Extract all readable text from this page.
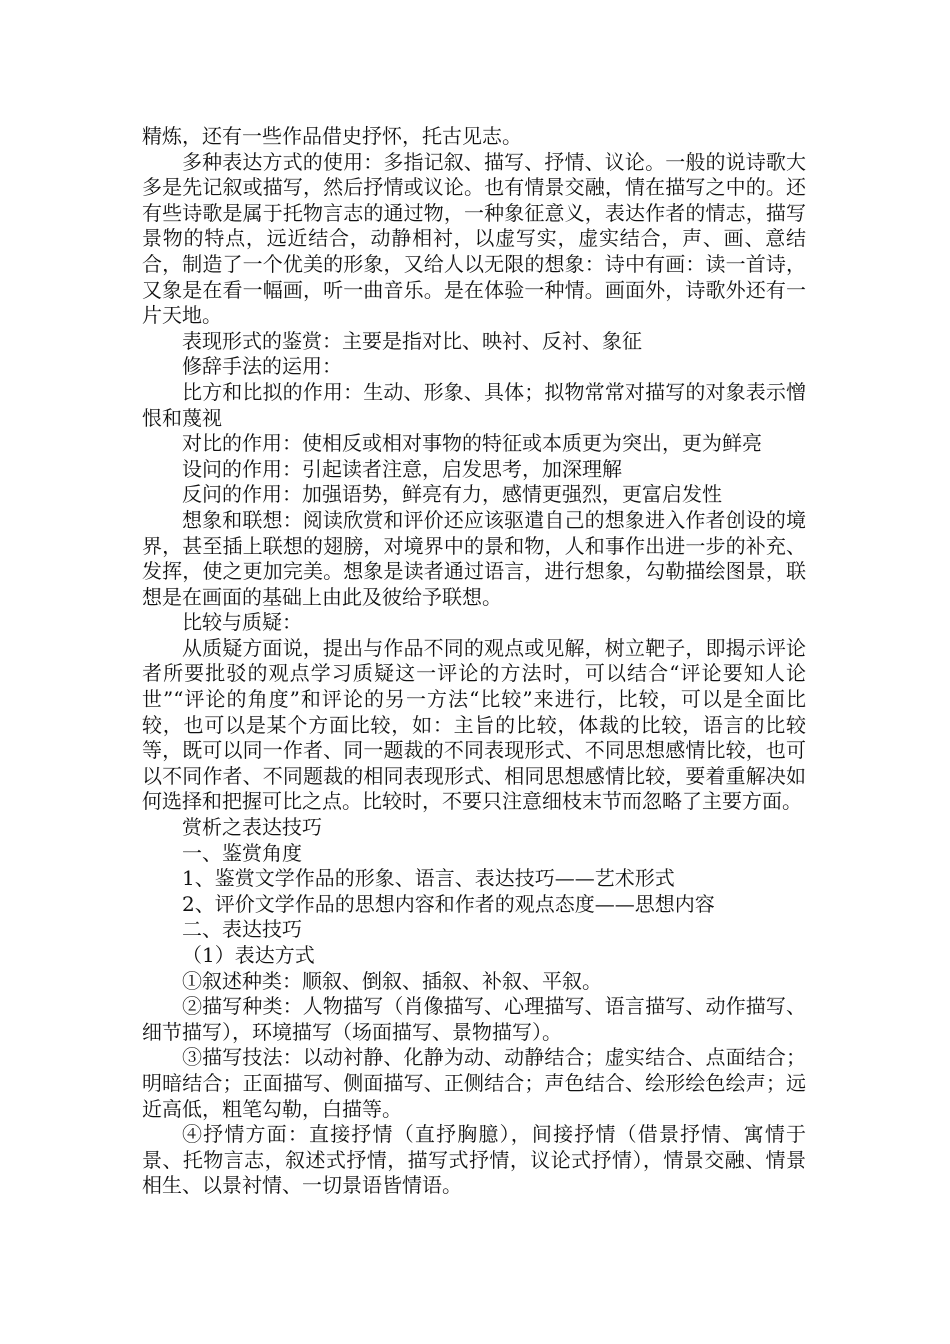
精炼，还有一些作品借史抒怀，托古见志。

多种表达方式的使用：多指记叙、描写、抒情、议论。一般的说诗歌大多是先记叙或描写，然后抒情或议论。也有情景交融，情在描写之中的。还有些诗歌是属于托物言志的通过物，一种象征意义，表达作者的情志，描写景物的特点，远近结合，动静相衬，以虚写实，虚实结合，声、画、意结合，制造了一个优美的形象，又给人以无限的想象：诗中有画：读一首诗，又象是在看一幅画，听一曲音乐。是在体验一种情。画面外，诗歌外还有一片天地。

表现形式的鉴赏：主要是指对比、映衬、反衬、象征

修辞手法的运用：

比方和比拟的作用：生动、形象、具体；拟物常常对描写的对象表示憎恨和蔑视

对比的作用：使相反或相对事物的特征或本质更为突出，更为鲜亮

设问的作用：引起读者注意，启发思考，加深理解

反问的作用：加强语势，鲜亮有力，感情更强烈，更富启发性

想象和联想：阅读欣赏和评价还应该驱遣自己的想象进入作者创设的境界，甚至插上联想的翅膀，对境界中的景和物，人和事作出进一步的补充、发挥，使之更加完美。想象是读者通过语言，进行想象，勾勒描绘图景，联想是在画面的基础上由此及彼给予联想。

比较与质疑：

从质疑方面说，提出与作品不同的观点或见解，树立靶子，即揭示评论者所要批驳的观点学习质疑这一评论的方法时，可以结合“评论要知人论世”“评论的角度”和评论的另一方法“比较”来进行，比较，可以是全面比较，也可以是某个方面比较，如：主旨的比较，体裁的比较，语言的比较等，既可以同一作者、同一题裁的不同表现形式、不同思想感情比较，也可以不同作者、不同题裁的相同表现形式、相同思想感情比较，要着重解决如何选择和把握可比之点。比较时，不要只注意细枝末节而忽略了主要方面。

赏析之表达技巧

一、鉴赏角度

1、鉴赏文学作品的形象、语言、表达技巧——艺术形式

2、评价文学作品的思想内容和作者的观点态度——思想内容

二、表达技巧

（1）表达方式

①叙述种类：顺叙、倒叙、插叙、补叙、平叙。

②描写种类：人物描写（肖像描写、心理描写、语言描写、动作描写、细节描写），环境描写（场面描写、景物描写）。

③描写技法：以动衬静、化静为动、动静结合；虚实结合、点面结合；明暗结合；正面描写、侧面描写、正侧结合；声色结合、绘形绘色绘声；远近高低，粗笔勾勒，白描等。

④抒情方面：直接抒情（直抒胸臆），间接抒情（借景抒情、寓情于景、托物言志，叙述式抒情，描写式抒情，议论式抒情），情景交融、情景相生、以景衬情、一切景语皆情语。
